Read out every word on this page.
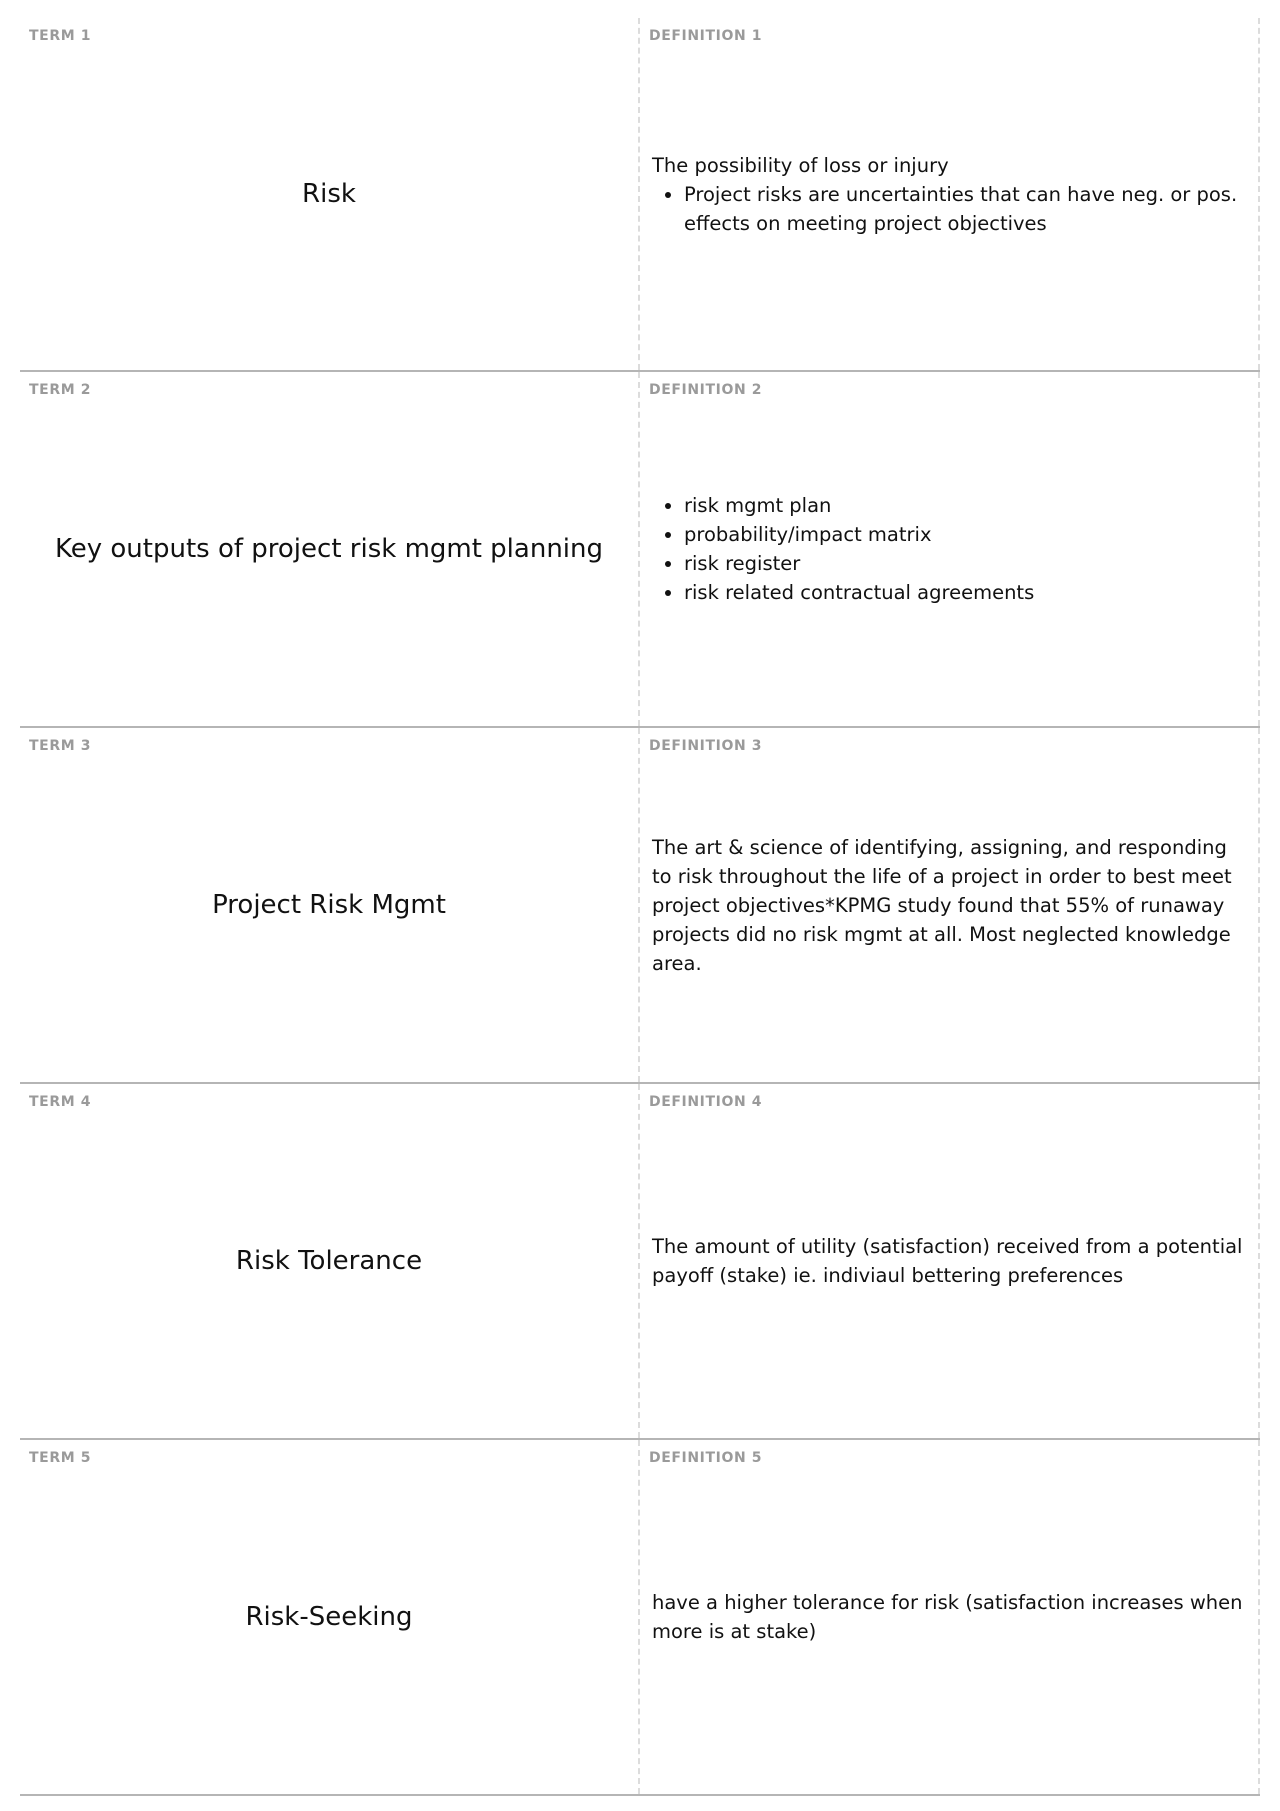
TERM 1
Risk
DEFINITION 1

The possibility of loss or injury

• Project risks are uncertainties that can have neg. or pos. effects on meeting project objectives
TERM 2
Key outputs of project risk mgmt planning
DEFINITION 2
• risk mgmt plan
• probability/impact matrix
• risk register
• risk related contractual agreements
TERM 3
Project Risk Mgmt
DEFINITION 3

The art & science of identifying, assigning, and responding to risk throughout the life of a project in order to best meet project objectives*KPMG study found that 55% of runaway projects did no risk mgmt at all. Most neglected knowledge area.

TERM 4
Risk Tolerance
DEFINITION 4

The amount of utility (satisfaction) received from a potential payoff (stake) ie. indiviaul bettering preferences

TERM 5
Risk-Seeking
DEFINITION 5

have a higher tolerance for risk (satisfaction increases when more is at stake)
